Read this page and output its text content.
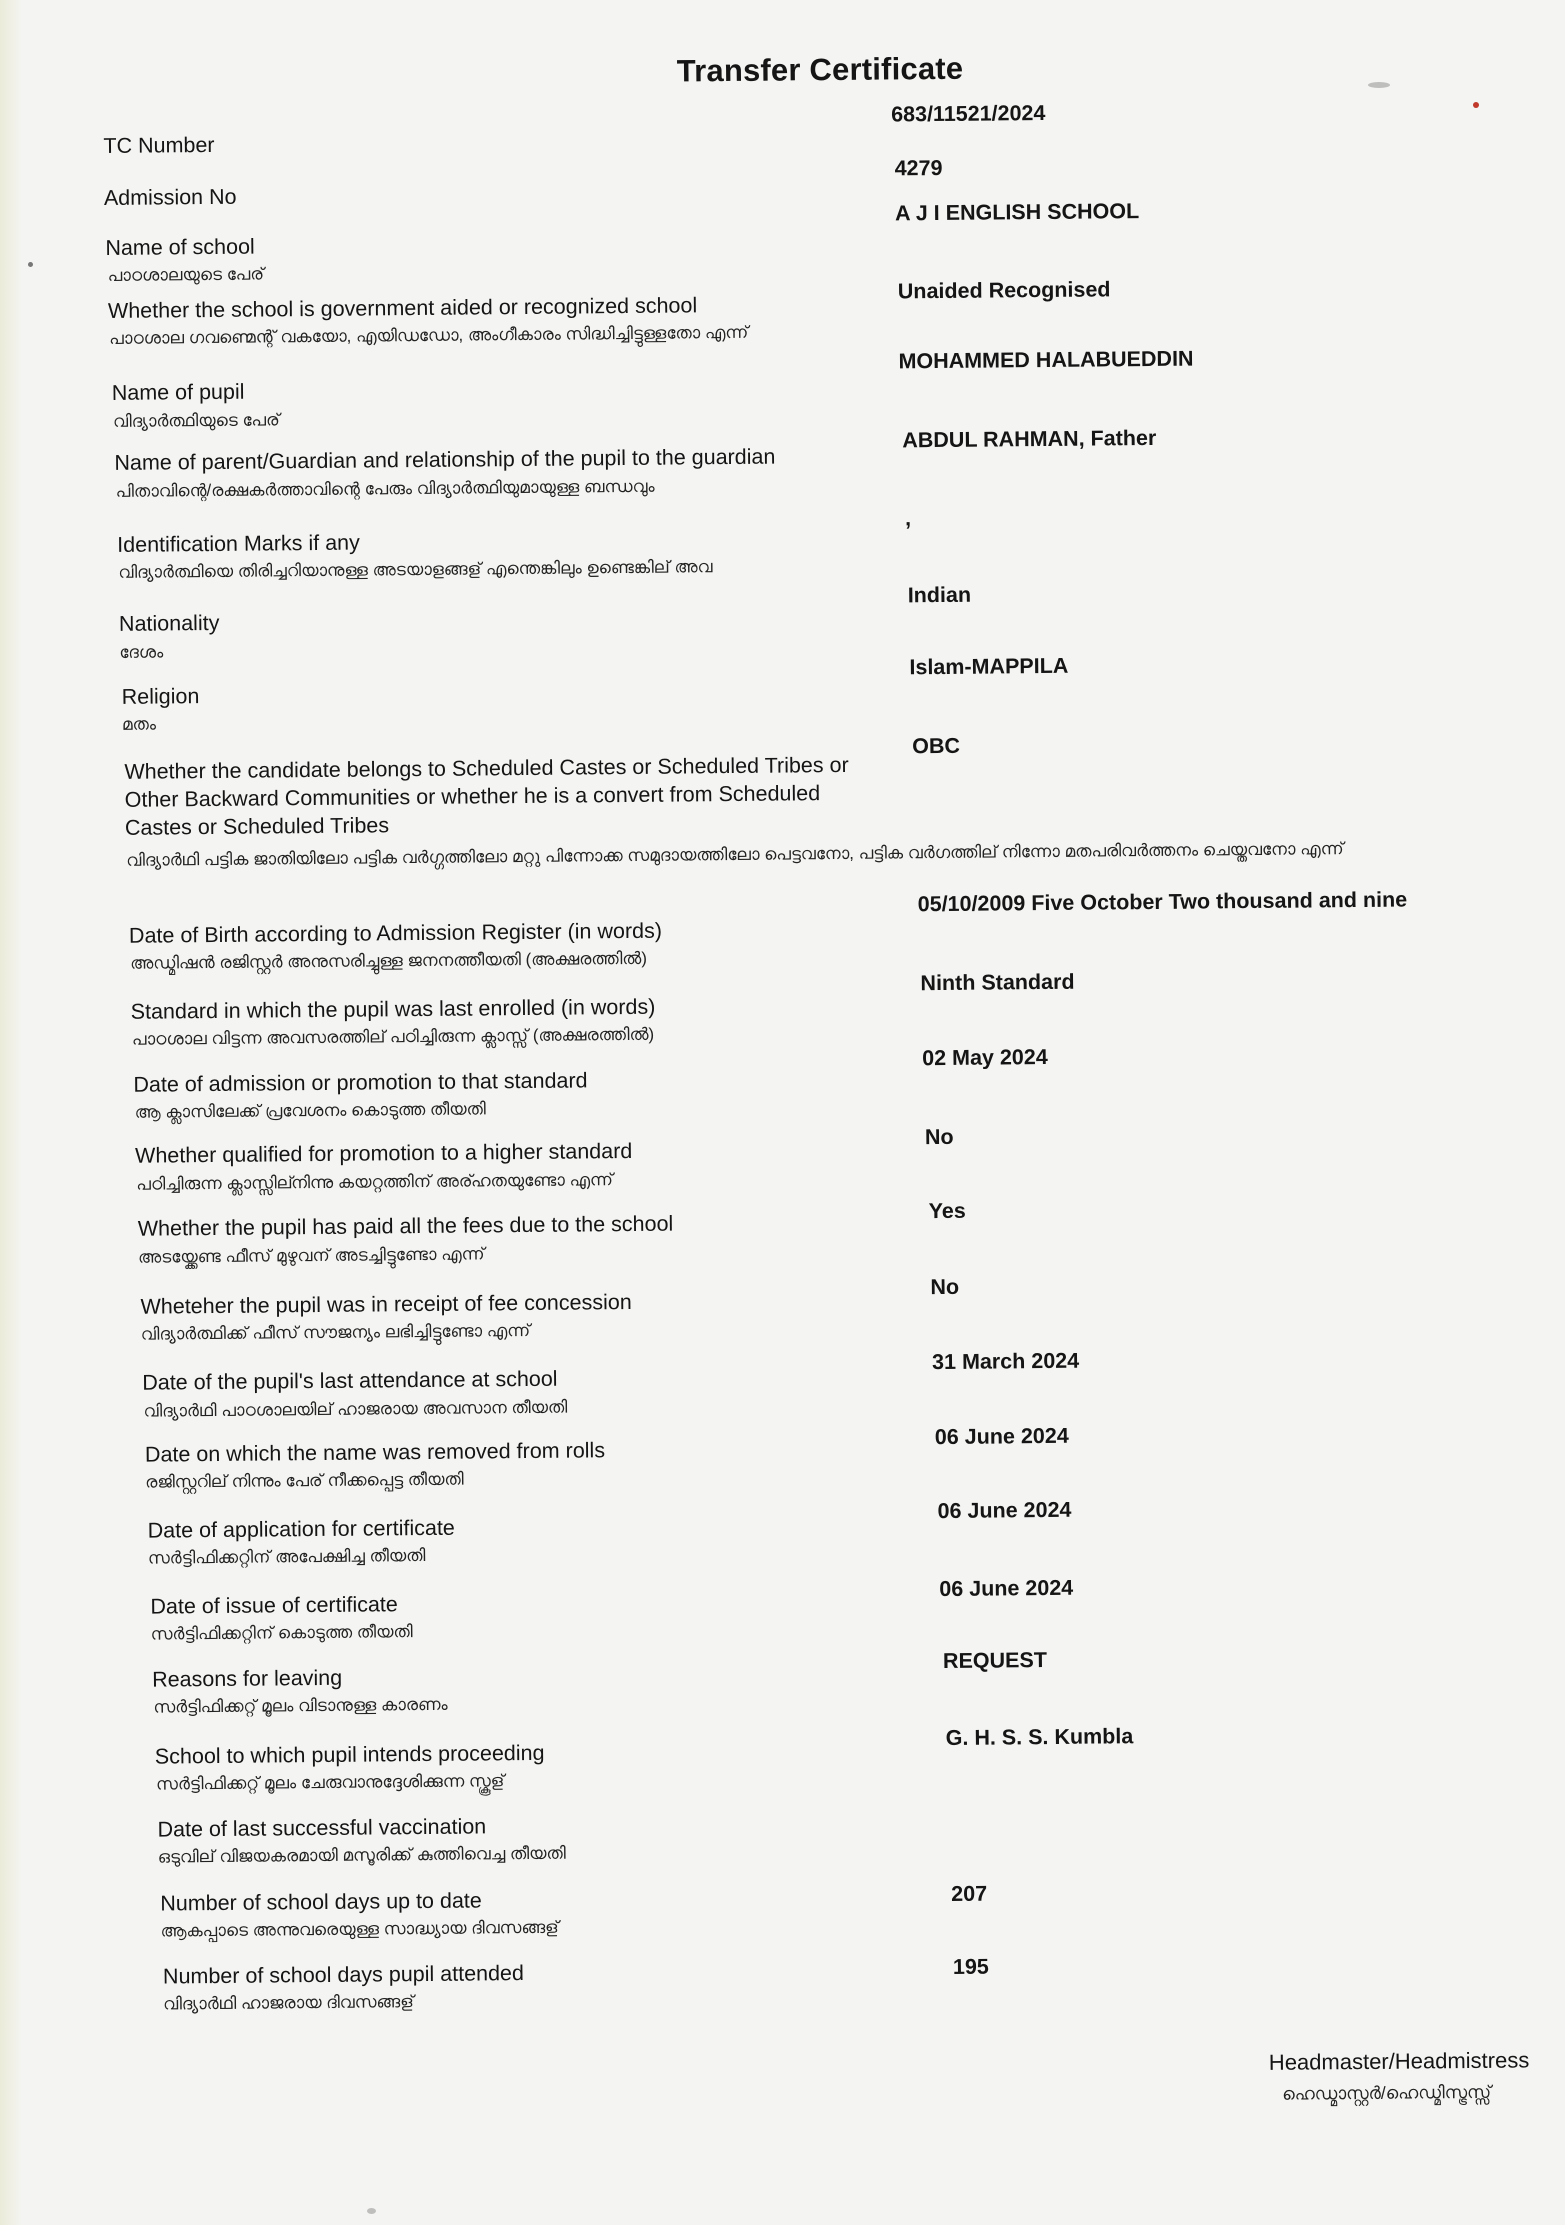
Transfer Certificate
TC Number
683/11521/2024
Admission No
4279
Name of school
പാഠശാലയുടെ പേര്
A J I ENGLISH SCHOOL
Whether the school is government aided or recognized school
പാഠശാല ഗവണ്മെന്റ് വകയോ, എയിഡഡോ, അംഗീകാരം സിദ്ധിച്ചിട്ടുള്ളതോ എന്ന്
Unaided Recognised
Name of pupil
വിദ്യാർത്ഥിയുടെ പേര്
MOHAMMED HALABUEDDIN
Name of parent/Guardian and relationship of the pupil to the guardian
പിതാവിന്റെ/രക്ഷകർത്താവിന്റെ പേരും വിദ്യാർത്ഥിയുമായുള്ള ബന്ധവും
ABDUL RAHMAN, Father
Identification Marks if any
വിദ്യാർത്ഥിയെ തിരിച്ചറിയാനുള്ള അടയാളങ്ങള് എന്തെങ്കിലും ഉണ്ടെങ്കില് അവ
,
Nationality
ദേശം
Indian
Religion
മതം
Islam-MAPPILA
Whether the candidate belongs to Scheduled Castes or Scheduled Tribes or Other Backward Communities or whether he is a convert from Scheduled Castes or Scheduled Tribes
വിദ്യാർഥി പട്ടിക ജാതിയിലോ പട്ടിക വർഗ്ഗത്തിലോ മറ്റു പിന്നോക്ക സമുദായത്തിലോ പെട്ടവനോ, പട്ടിക വർഗത്തില് നിന്നോ മതപരിവർത്തനം ചെയ്തവനോ എന്ന്
OBC
Date of Birth according to Admission Register (in words)
അഡ്മിഷൻ രജിസ്റ്റർ അനുസരിച്ചുള്ള ജനനത്തീയതി (അക്ഷരത്തിൽ)
05/10/2009 Five October Two thousand and nine
Standard in which the pupil was last enrolled (in words)
പാഠശാല വിട്ടന്ന അവസരത്തില് പഠിച്ചിരുന്ന ക്ലാസ്സ് (അക്ഷരത്തിൽ)
Ninth Standard
Date of admission or promotion to that standard
ആ ക്ലാസിലേക്ക് പ്രവേശനം കൊടുത്ത തീയതി
02 May 2024
Whether qualified for promotion to a higher standard
പഠിച്ചിരുന്ന ക്ലാസ്സില്നിന്നു കയറ്റത്തിന് അര്ഹതയുണ്ടോ എന്ന്
No
Whether the pupil has paid all the fees due to the school
അടയ്ക്കേണ്ട ഫീസ് മുഴുവന് അടച്ചിട്ടുണ്ടോ എന്ന്
Yes
Wheteher the pupil was in receipt of fee concession
വിദ്യാർത്ഥിക്ക് ഫീസ് സൗജന്യം ലഭിച്ചിട്ടുണ്ടോ എന്ന്
No
Date of the pupil's last attendance at school
വിദ്യാർഥി പാഠശാലയില് ഹാജരായ അവസാന തീയതി
31 March 2024
Date on which the name was removed from rolls
രജിസ്റ്ററില് നിന്നും പേര് നീക്കപ്പെട്ട തീയതി
06 June 2024
Date of application for certificate
സർട്ടിഫിക്കറ്റിന് അപേക്ഷിച്ച തീയതി
06 June 2024
Date of issue of certificate
സർട്ടിഫിക്കറ്റിന് കൊടുത്ത തീയതി
06 June 2024
Reasons for leaving
സർട്ടിഫിക്കറ്റ് മൂലം വിടാനുള്ള കാരണം
REQUEST
School to which pupil intends proceeding
സർട്ടിഫിക്കറ്റ് മൂലം ചേരുവാനുദ്ദേശിക്കുന്ന സ്കൂള്
G. H. S. S. Kumbla
Date of last successful vaccination
ഒടുവില് വിജയകരമായി മസൂരിക്ക് കുത്തിവെച്ച തീയതി
Number of school days up to date
ആകപ്പാടെ അന്നുവരെയുള്ള സാദ്ധ്യായ ദിവസങ്ങള്
207
Number of school days pupil attended
വിദ്യാർഥി ഹാജരായ ദിവസങ്ങള്
195
Headmaster/Headmistress
ഹെഡ്മാസ്റ്റർ/ഹെഡ്മിസ്ട്രസ്സ്
